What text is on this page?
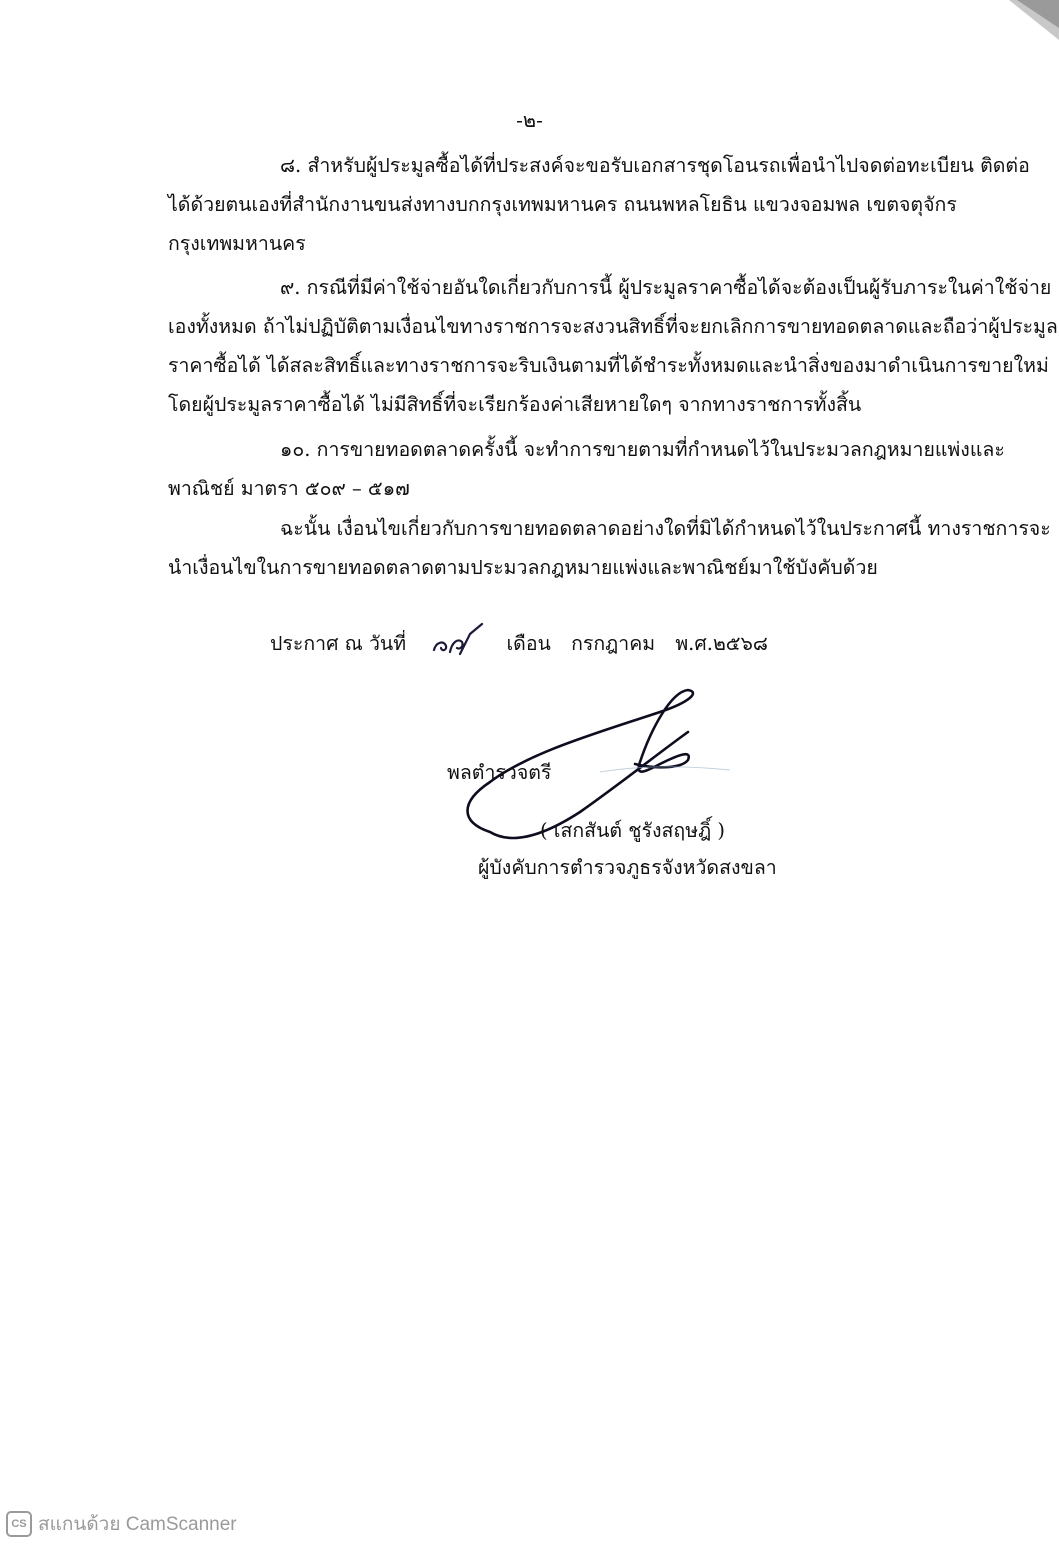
-๒-
๘. สำหรับผู้ประมูลซื้อได้ที่ประสงค์จะขอรับเอกสารชุดโอนรถเพื่อนำไปจดต่อทะเบียน ติดต่อ
ได้ด้วยตนเองที่สำนักงานขนส่งทางบกกรุงเทพมหานคร ถนนพหลโยธิน แขวงจอมพล เขตจตุจักร
กรุงเทพมหานคร
๙. กรณีที่มีค่าใช้จ่ายอันใดเกี่ยวกับการนี้ ผู้ประมูลราคาซื้อได้จะต้องเป็นผู้รับภาระในค่าใช้จ่าย
เองทั้งหมด ถ้าไม่ปฏิบัติตามเงื่อนไขทางราชการจะสงวนสิทธิ์ที่จะยกเลิกการขายทอดตลาดและถือว่าผู้ประมูล
ราคาซื้อได้ ได้สละสิทธิ์และทางราชการจะริบเงินตามที่ได้ชำระทั้งหมดและนำสิ่งของมาดำเนินการขายใหม่
โดยผู้ประมูลราคาซื้อได้ ไม่มีสิทธิ์ที่จะเรียกร้องค่าเสียหายใดๆ จากทางราชการทั้งสิ้น
๑๐. การขายทอดตลาดครั้งนี้ จะทำการขายตามที่กำหนดไว้ในประมวลกฎหมายแพ่งและ
พาณิชย์ มาตรา ๕๐๙ – ๕๑๗
ฉะนั้น เงื่อนไขเกี่ยวกับการขายทอดตลาดอย่างใดที่มิได้กำหนดไว้ในประกาศนี้ ทางราชการจะ
นำเงื่อนไขในการขายทอดตลาดตามประมวลกฎหมายแพ่งและพาณิชย์มาใช้บังคับด้วย
ประกาศ ณ วันที่	เดือน กรกฎาคม พ.ศ.๒๕๖๘
พลตำรวจตรี
( เสกสันต์ ชูรังสฤษฎิ์ )
ผู้บังคับการตำรวจภูธรจังหวัดสงขลา
CS สแกนด้วย CamScanner
